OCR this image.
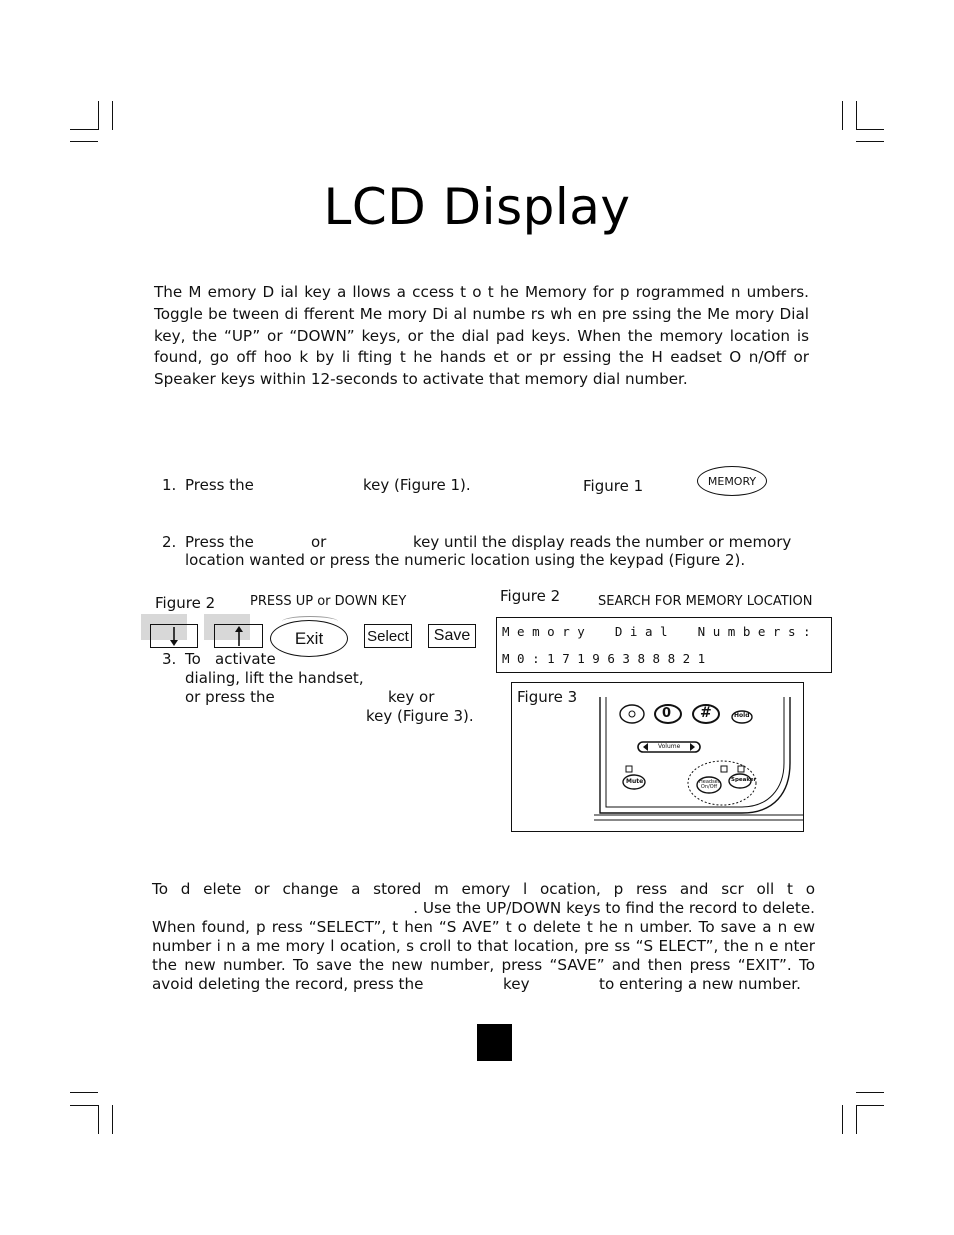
LCD Display
The M emory D ial key a llows a ccess t o t he Memory for p rogrammed n umbers.
Toggle be tween di fferent Me mory Di al numbe rs wh en pre ssing the Me mory Dial
key, the “UP” or “DOWN” keys, or the dial pad keys. When the memory location is
found, go off hoo k by li fting t he hands et or pr essing the H eadset O n/Off or
Speaker keys within 12-seconds to activate that memory dial number.
1. Press the	key (Figure 1).	Figure 1	MEMORY
2. Press the	or	key until the display reads the number or memory
location wanted or press the numeric location using the keypad (Figure 2).
Figure 2	PRESS UP or DOWN KEY
Exit	Select	Save
3. To activate
dialing, lift the handset,
or press the	key or
key (Figure 3).
Figure 2	SEARCH FOR MEMORY LOCATION
M e m o r y    D i a l    N u m b e r s :
M 0 : 1 7 1 9 6 3 8 8 8 2 1
Figure 3
0 #	Hold
Volume
Mute	Headset On/Off
Speaker
To d elete or change a stored m emory l ocation, p ress and scr oll t o
. Use the UP/DOWN keys to find the record to delete.
When found, p ress “SELECT”, t hen “S AVE” t o delete t he n umber. To save a n ew
number i n a me mory l ocation, s croll to that location, pre ss “S ELECT”, the n e nter
the new number. To save the new number, press “SAVE” and then press “EXIT”. To
avoid deleting the record, press the	key	to entering a new number.
